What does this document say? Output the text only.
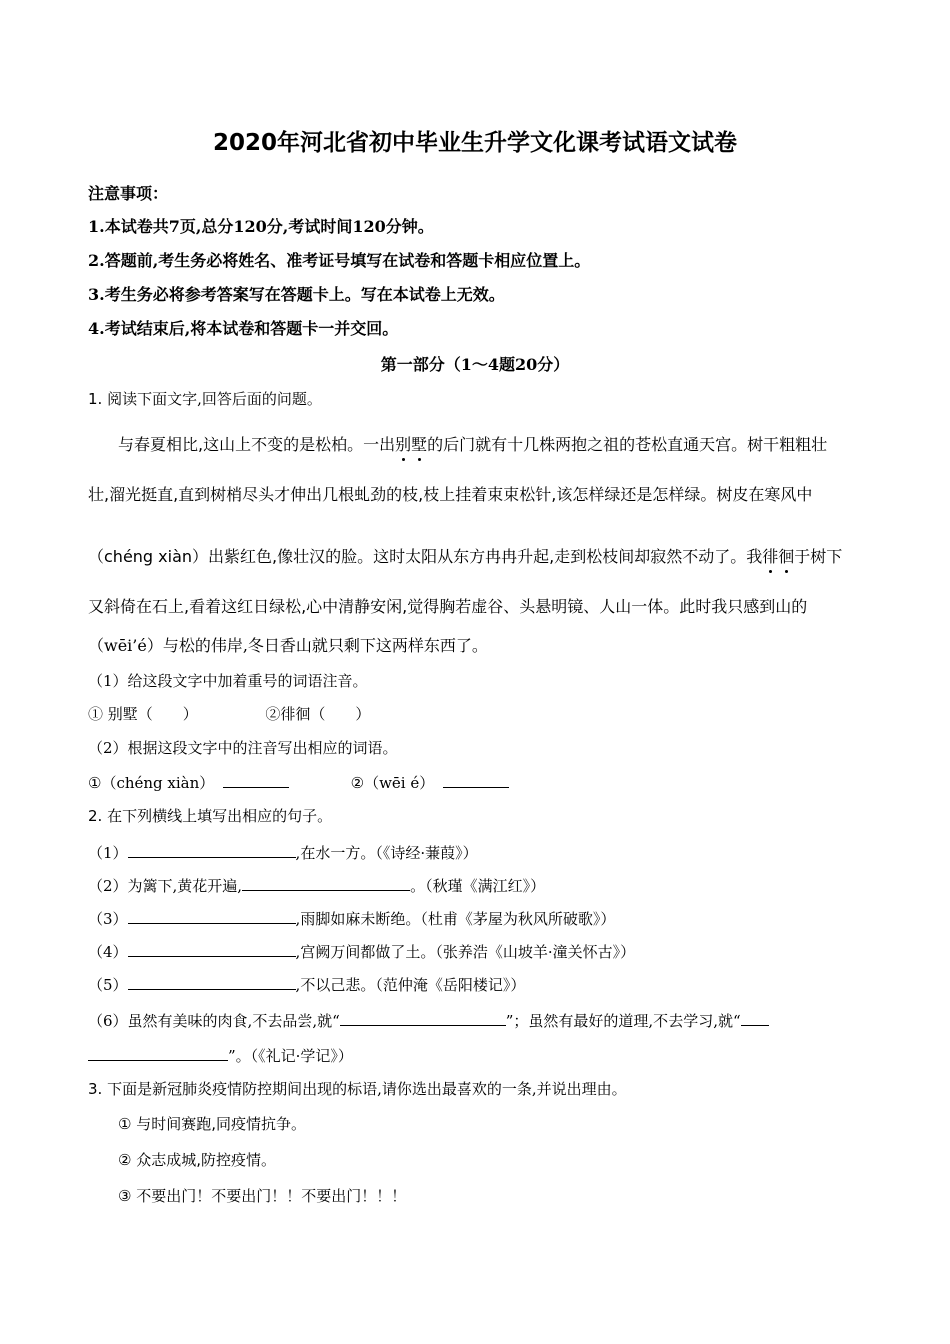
2020年河北省初中毕业生升学文化课考试语文试卷
注意事项：
1.本试卷共7页,总分120分,考试时间120分钟。
2.答题前,考生务必将姓名、准考证号填写在试卷和答题卡相应位置上。
3.考生务必将参考答案写在答题卡上。写在本试卷上无效。
4.考试结束后,将本试卷和答题卡一并交回。
第一部分（1～4题20分）
1. 阅读下面文字,回答后面的问题。
与春夏相比,这山上不变的是松柏。一出别墅的后门就有十几株两抱之祖的苍松直通天宫。树干粗粗壮
壮,溜光挺直,直到树梢尽头才伸出几根虬劲的枝,枝上挂着束束松针,该怎样绿还是怎样绿。树皮在寒风中
（chéng xiàn）出紫红色,像壮汉的脸。这时太阳从东方冉冉升起,走到松枝间却寂然不动了。我徘徊于树下
又斜倚在石上,看着这红日绿松,心中清静安闲,觉得胸若虚谷、头悬明镜、人山一体。此时我只感到山的
（wēi’é）与松的伟岸,冬日香山就只剩下这两样东西了。
（1）给这段文字中加着重号的词语注音。
① 别墅（　　）	②徘徊（　　）
（2）根据这段文字中的注音写出相应的词语。
①（chéng xiàn）	②（wēi é）
2. 在下列横线上填写出相应的句子。
（1）	,在水一方。（《诗经·蒹葭》）
（2）为篱下,黄花开遍,	。（秋瑾《满江红》）
（3）	,雨脚如麻未断绝。（杜甫《茅屋为秋风所破歌》）
（4）	,宫阙万间都做了土。（张养浩《山坡羊·潼关怀古》）
（5）	,不以己悲。（范仲淹《岳阳楼记》）
（6）虽然有美味的肉食,不去品尝,就“	”；虽然有最好的道理,不去学习,就“
”。（《礼记·学记》）
3. 下面是新冠肺炎疫情防控期间出现的标语,请你选出最喜欢的一条,并说出理由。
① 与时间赛跑,同疫情抗争。
② 众志成城,防控疫情。
③ 不要出门！不要出门！！不要出门！！！
